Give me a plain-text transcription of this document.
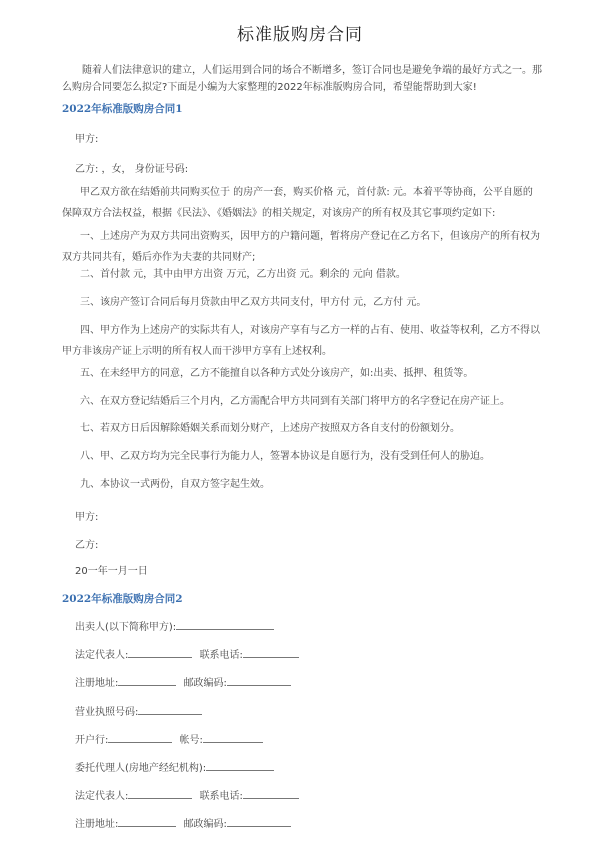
标准版购房合同
随着人们法律意识的建立，人们运用到合同的场合不断增多，签订合同也是避免争端的最好方式之一。那么购房合同要怎么拟定?下面是小编为大家整理的2022年标准版购房合同，希望能帮助到大家!
2022年标准版购房合同1
甲方:
乙方: ，女， 身份证号码:
甲乙双方欲在结婚前共同购买位于 的房产一套，购买价格 元，首付款: 元。本着平等协商，公平自愿的保障双方合法权益，根据《民法》、《婚姻法》的相关规定，对该房产的所有权及其它事项约定如下:
一、上述房产为双方共同出资购买，因甲方的户籍问题，暂将房产登记在乙方名下，但该房产的所有权为双方共同共有，婚后亦作为夫妻的共同财产;
二、首付款 元，其中由甲方出资 万元，乙方出资 元。剩余的 元向 借款。
三、该房产签订合同后每月贷款由甲乙双方共同支付，甲方付 元，乙方付 元。
四、甲方作为上述房产的实际共有人，对该房产享有与乙方一样的占有、使用、收益等权利，乙方不得以甲方非该房产证上示明的所有权人而干涉甲方享有上述权利。
五、在未经甲方的同意，乙方不能擅自以各种方式处分该房产，如:出卖、抵押、租赁等。
六、在双方登记结婚后三个月内，乙方需配合甲方共同到有关部门将甲方的名字登记在房产证上。
七、若双方日后因解除婚姻关系而划分财产，上述房产按照双方各自支付的份额划分。
八、甲、乙双方均为完全民事行为能力人，签署本协议是自愿行为，没有受到任何人的胁迫。
九、本协议一式两份，自双方签字起生效。
甲方:
乙方:
20一年一月一日
2022年标准版购房合同2
出卖人(以下简称甲方):
法定代表人:	联系电话:
注册地址:	邮政编码:
营业执照号码:
开户行:	帐号:
委托代理人(房地产经纪机构):
法定代表人:	联系电话:
注册地址:	邮政编码:
